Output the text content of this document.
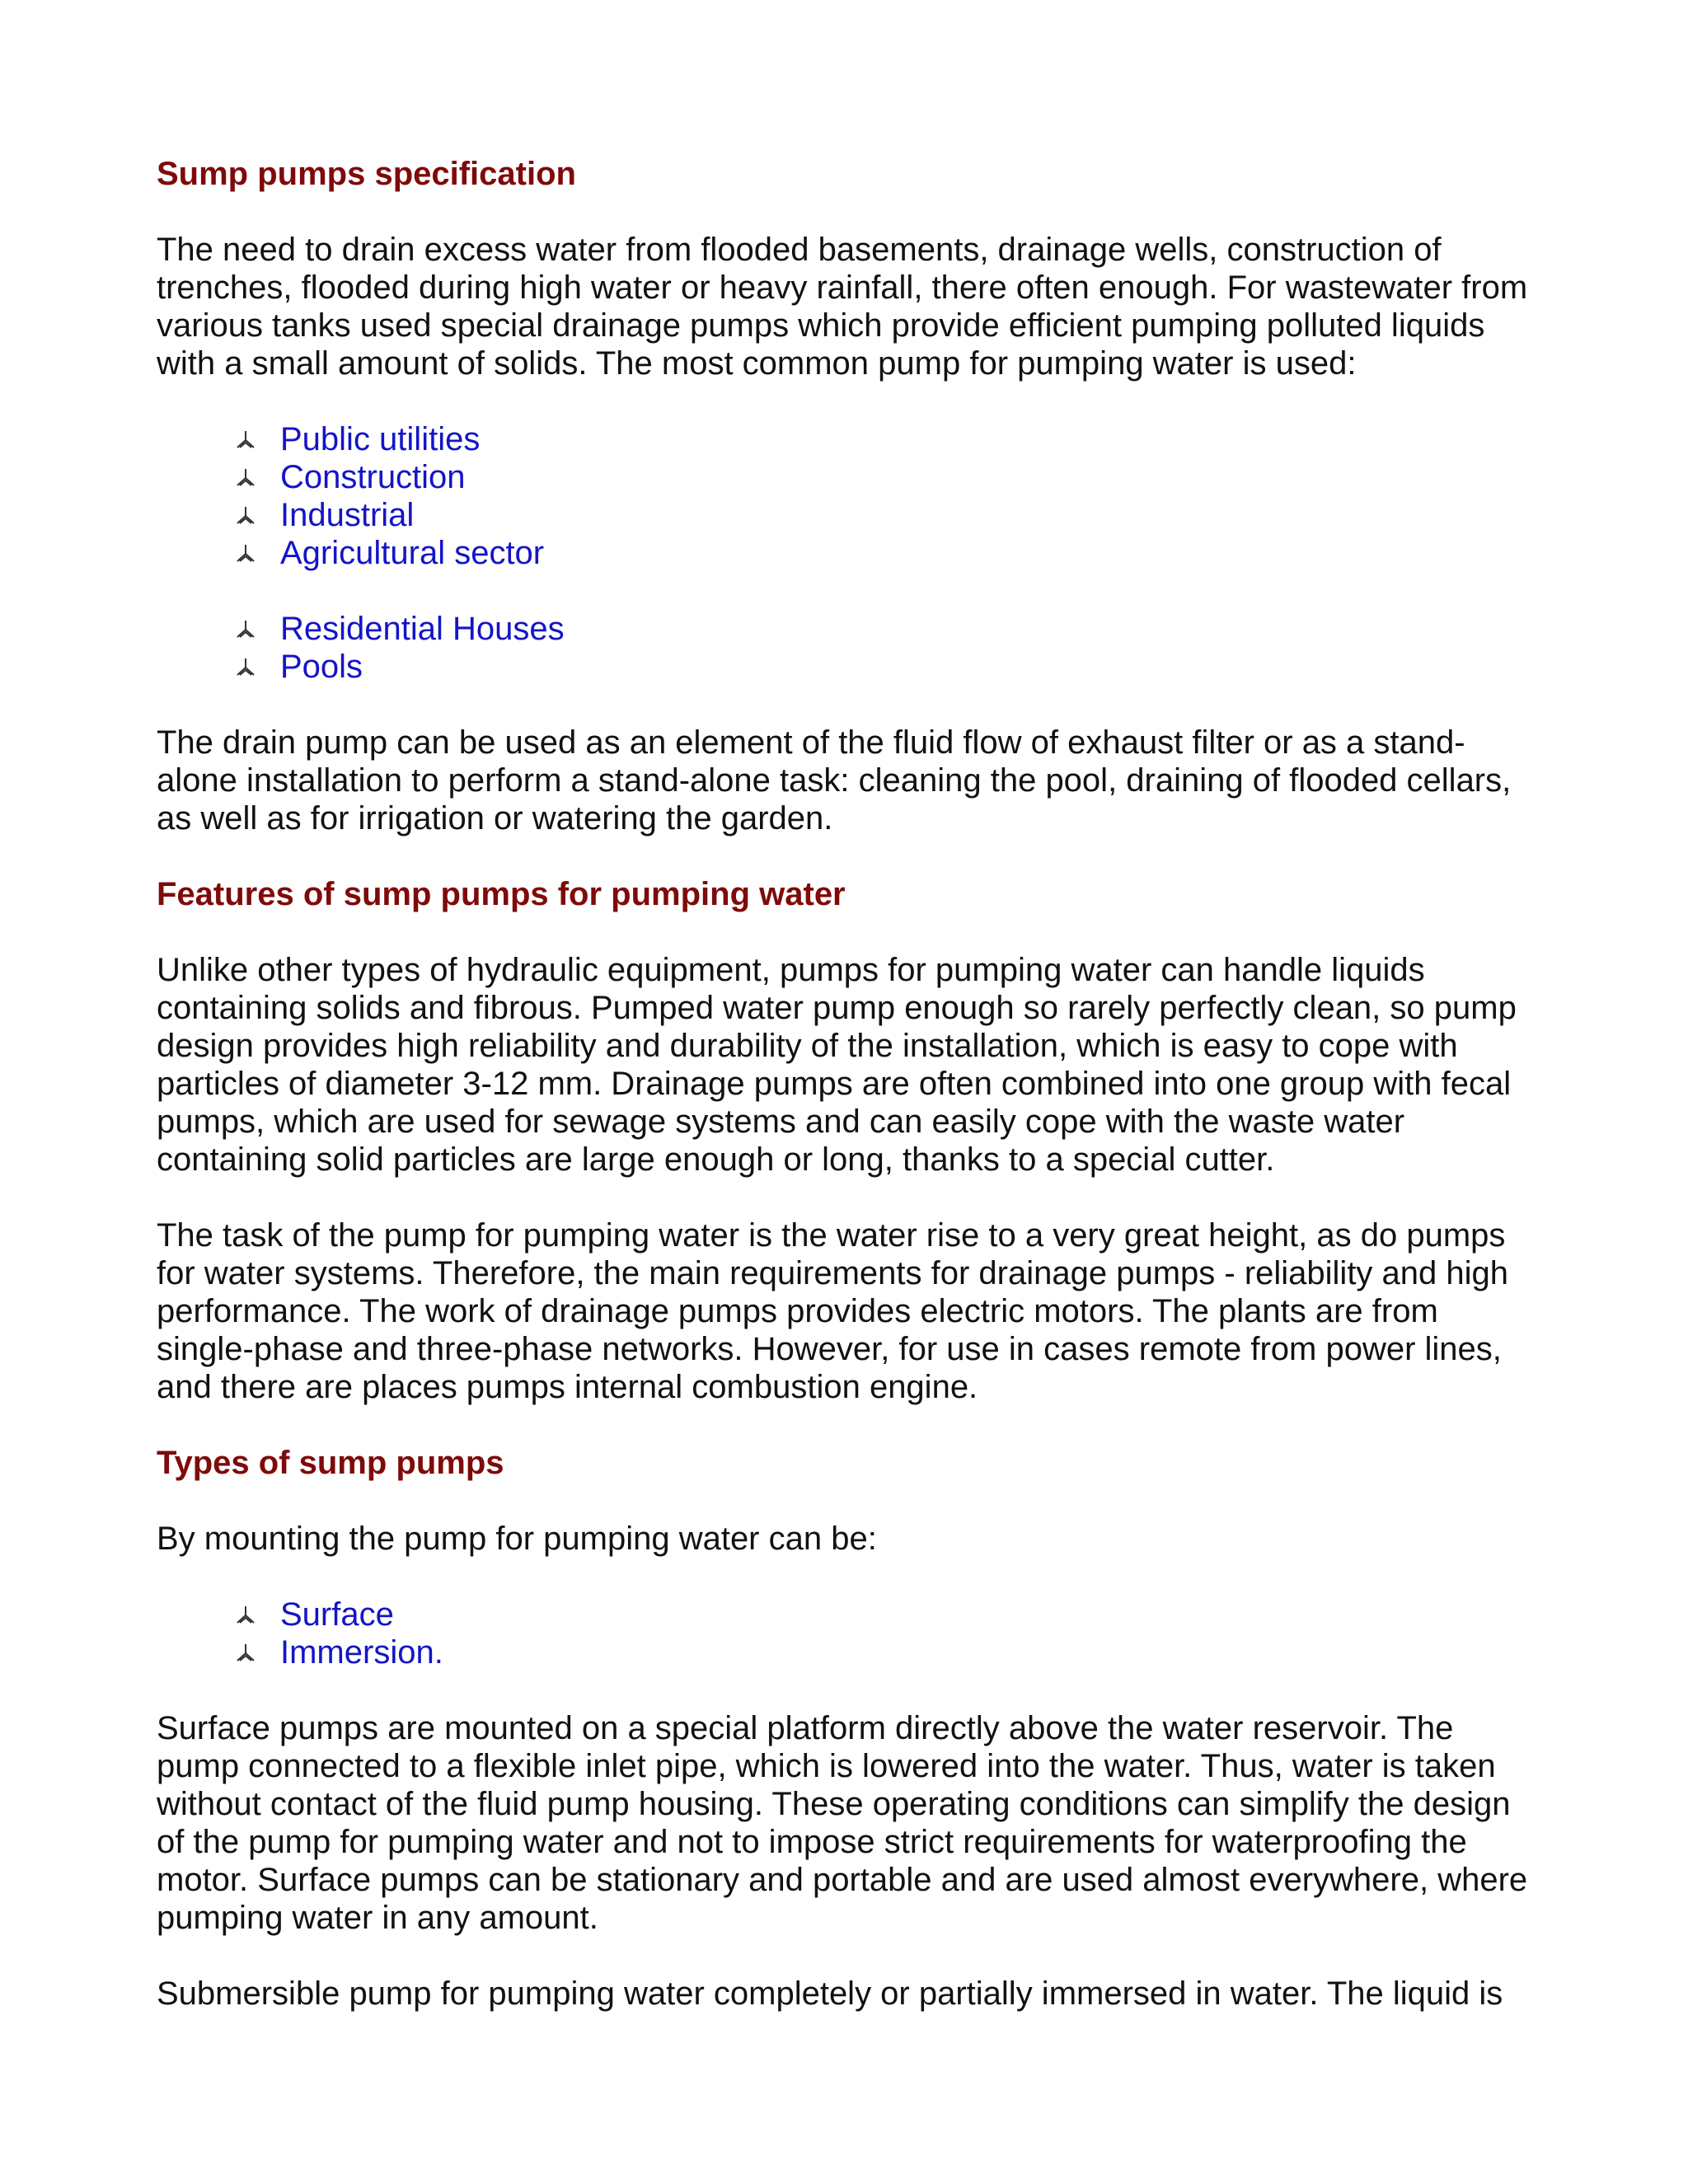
Sump pumps specification

The need to drain excess water from flooded basements, drainage wells, construction of trenches, flooded during high water or heavy rainfall, there often enough. For wastewater from various tanks used special drainage pumps which provide efficient pumping polluted liquids with a small amount of solids. The most common pump for pumping water is used:

Public utilities
Construction
Industrial
Agricultural sector
Residential Houses
Pools

The drain pump can be used as an element of the fluid flow of exhaust filter or as a stand-alone installation to perform a stand-alone task: cleaning the pool, draining of flooded cellars, as well as for irrigation or watering the garden.

Features of sump pumps for pumping water

Unlike other types of hydraulic equipment, pumps for pumping water can handle liquids containing solids and fibrous. Pumped water pump enough so rarely perfectly clean, so pump design provides high reliability and durability of the installation, which is easy to cope with particles of diameter 3-12 mm. Drainage pumps are often combined into one group with fecal pumps, which are used for sewage systems and can easily cope with the waste water containing solid particles are large enough or long, thanks to a special cutter.

The task of the pump for pumping water is the water rise to a very great height, as do pumps for water systems. Therefore, the main requirements for drainage pumps - reliability and high performance. The work of drainage pumps provides electric motors. The plants are from single-phase and three-phase networks. However, for use in cases remote from power lines, and there are places pumps internal combustion engine.

Types of sump pumps

By mounting the pump for pumping water can be:

Surface
Immersion.

Surface pumps are mounted on a special platform directly above the water reservoir. The pump connected to a flexible inlet pipe, which is lowered into the water. Thus, water is taken without contact of the fluid pump housing. These operating conditions can simplify the design of the pump for pumping water and not to impose strict requirements for waterproofing the motor. Surface pumps can be stationary and portable and are used almost everywhere, where pumping water in any amount.

Submersible pump for pumping water completely or partially immersed in water. The liquid is
